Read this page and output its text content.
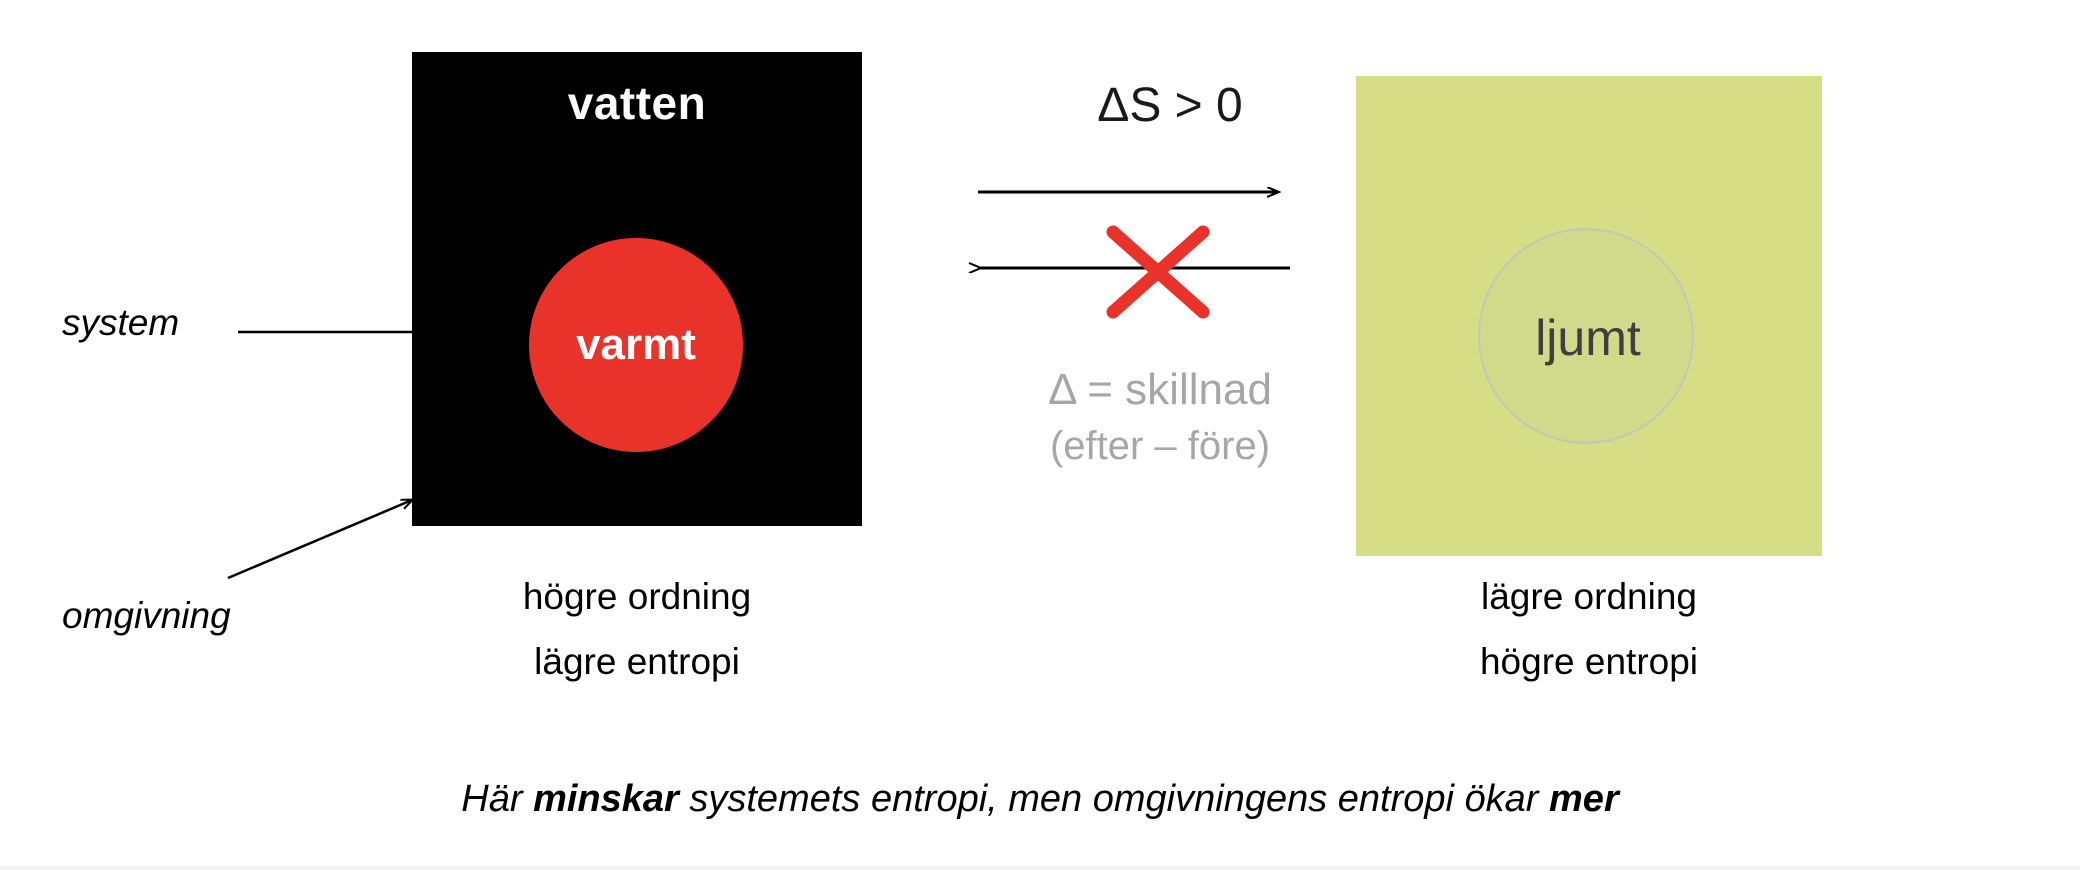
vatten
varmt	ljumt
högre ordning
lägre entropi
lägre ordning
högre entropi
ΔS > 0
Δ = skillnad
(efter – före)
system
omgivning
Här minskar systemets entropi, men omgivningens entropi ökar mer
